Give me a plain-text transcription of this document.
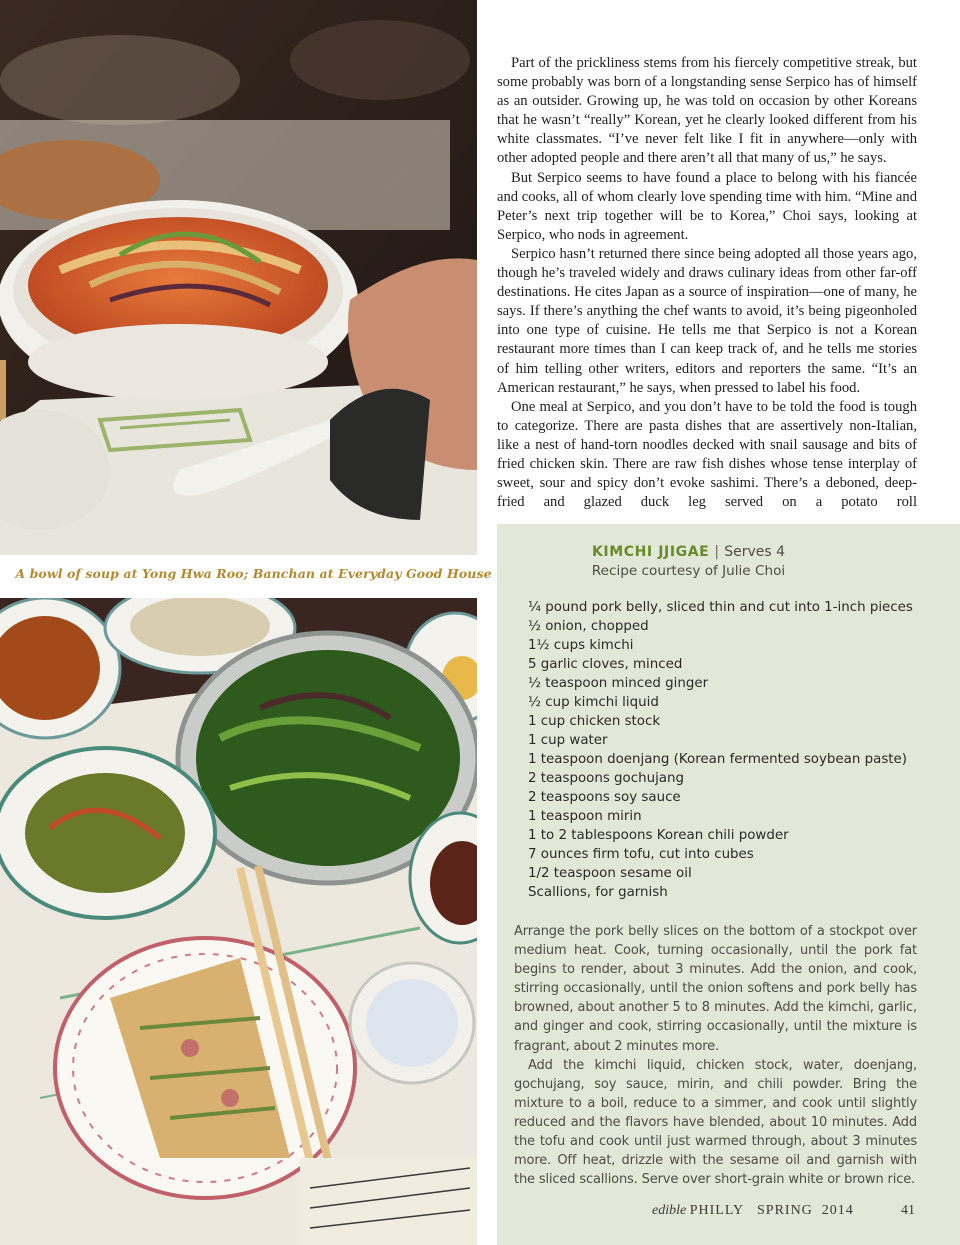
A bowl of soup at Yong Hwa Roo; Banchan at Everyday Good House

Part of the prickliness stems from his fiercely competitive streak, but some probably was born of a longstanding sense Serpico has of himself as an outsider. Growing up, he was told on occasion by other Koreans that he wasn’t “really” Korean, yet he clearly looked different from his white classmates. “I’ve never felt like I fit in anywhere—only with other adopted people and there aren’t all that many of us,” he says.

But Serpico seems to have found a place to belong with his fiancée and cooks, all of whom clearly love spending time with him. “Mine and Peter’s next trip together will be to Korea,” Choi says, looking at Serpico, who nods in agreement.

Serpico hasn’t returned there since being adopted all those years ago, though he’s traveled widely and draws culinary ideas from other far-off destinations. He cites Japan as a source of inspiration—one of many, he says. If there’s anything the chef wants to avoid, it’s being pigeonholed into one type of cuisine. He tells me that Serpico is not a Korean restaurant more times than I can keep track of, and he tells me stories of him telling other writers, editors and reporters the same. “It’s an American restaurant,” he says, when pressed to label his food.

One meal at Serpico, and you don’t have to be told the food is tough to categorize. There are pasta dishes that are assertively non-Italian, like a nest of hand-torn noodles decked with snail sausage and bits of fried chicken skin. There are raw fish dishes whose tense interplay of sweet, sour and spicy don’t evoke sashimi. There’s a deboned, deep-fried and glazed duck leg served on a potato roll

KIMCHI JJIGAE | Serves 4
Recipe courtesy of Julie Choi
¼ pound pork belly, sliced thin and cut into 1-inch pieces
½ onion, chopped
1½ cups kimchi
5 garlic cloves, minced
½ teaspoon minced ginger
½ cup kimchi liquid
1 cup chicken stock
1 cup water
1 teaspoon doenjang (Korean fermented soybean paste)
2 teaspoons gochujang
2 teaspoons soy sauce
1 teaspoon mirin
1 to 2 tablespoons Korean chili powder
7 ounces firm tofu, cut into cubes
1/2 teaspoon sesame oil
Scallions, for garnish

Arrange the pork belly slices on the bottom of a stockpot over medium heat. Cook, turning occasionally, until the pork fat begins to render, about 3 minutes. Add the onion, and cook, stirring occasionally, until the onion softens and pork belly has browned, about another 5 to 8 minutes. Add the kimchi, garlic, and ginger and cook, stirring occasionally, until the mixture is fragrant, about 2 minutes more.

Add the kimchi liquid, chicken stock, water, doenjang, gochujang, soy sauce, mirin, and chili powder. Bring the mixture to a boil, reduce to a simmer, and cook until slightly reduced and the flavors have blended, about 10 minutes. Add the tofu and cook until just warmed through, about 3 minutes more. Off heat, drizzle with the sesame oil and garnish with the sliced scallions. Serve over short-grain white or brown rice.

edible PHILLY SPRING  2014	41
